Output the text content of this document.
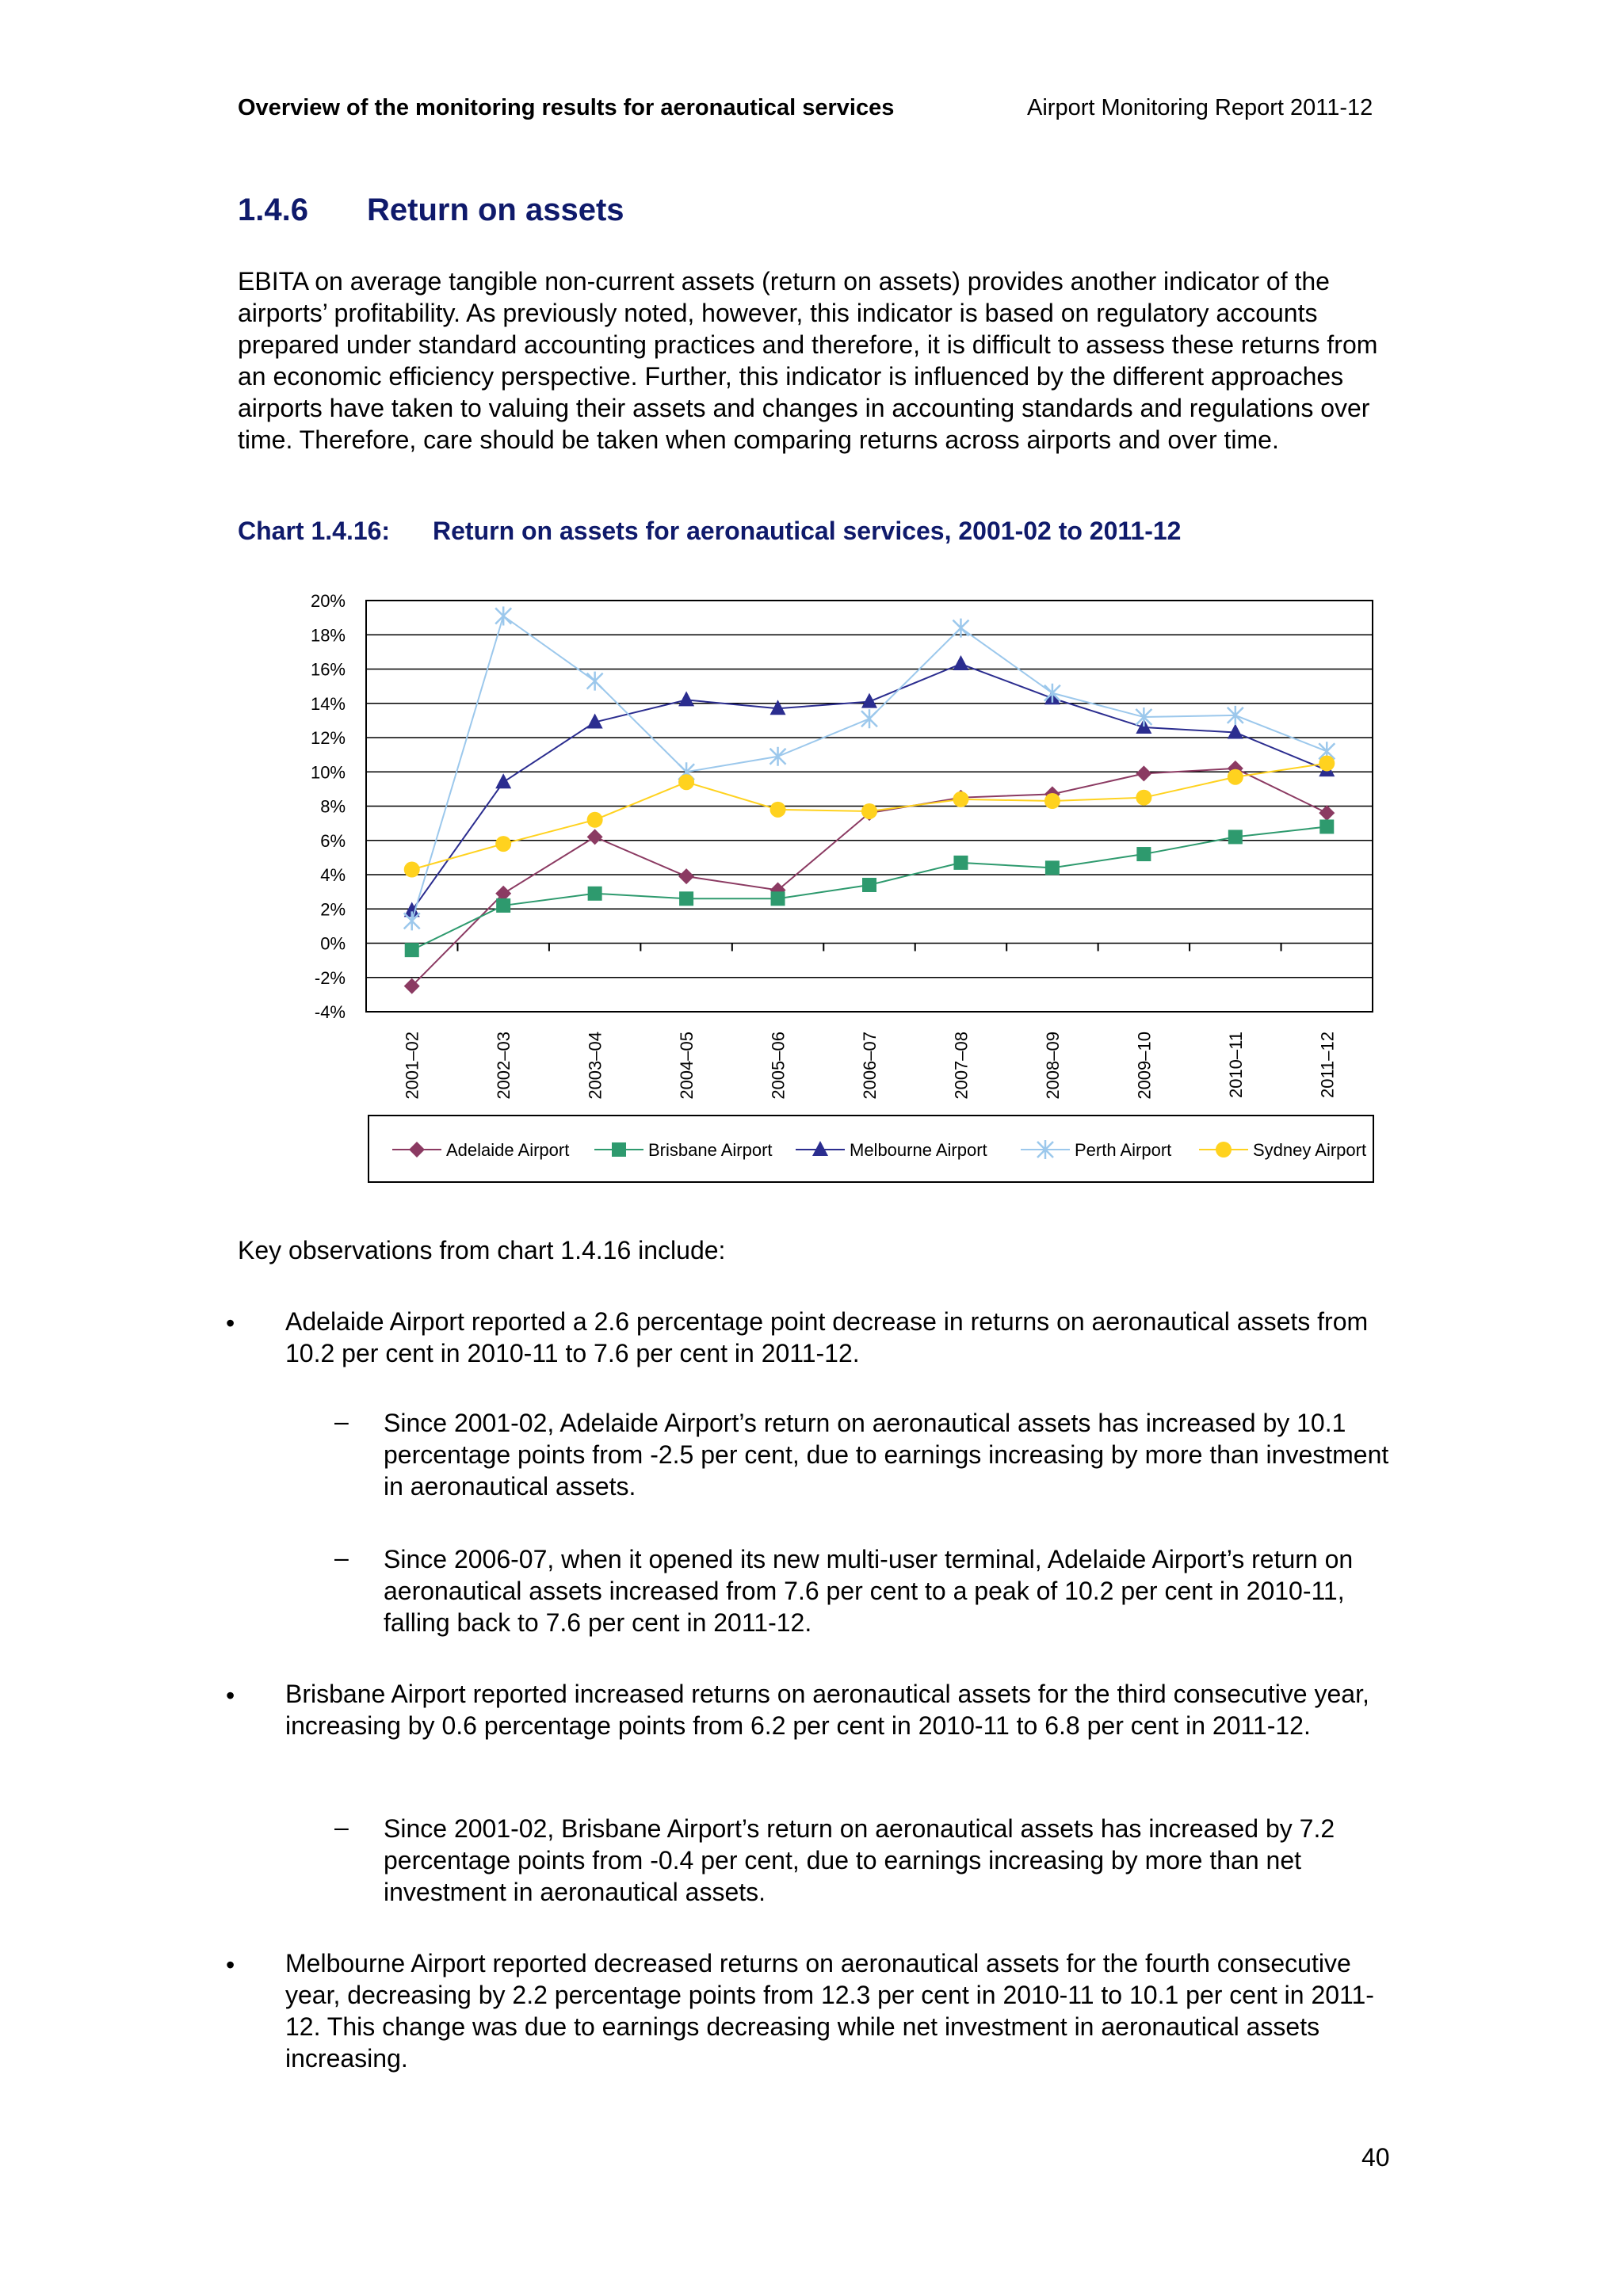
Overview of the monitoring results for aeronautical services	Airport Monitoring Report 2011-12
1.4.6 Return on assets

EBITA on average tangible non-current assets (return on assets) provides another indicator of the airports’ profitability. As previously noted, however, this indicator is based on regulatory accounts prepared under standard accounting practices and therefore, it is difficult to assess these returns from an economic efficiency perspective. Further, this indicator is influenced by the different approaches airports have taken to valuing their assets and changes in accounting standards and regulations over time. Therefore, care should be taken when comparing returns across airports and over time.

Chart 1.4.16: Return on assets for aeronautical services, 2001-02 to 2011-12
20%
18%
16%
14%
12%
10%
8%
6%
4%
2%
0%
-2%
-4%
2001–02	2002–03	2003–04	2004–05	2005–06	2006–07	2007–08	2008–09	2009–10	2010–11	2011–12
Adelaide Airport	Brisbane Airport	Melbourne Airport	Perth Airport	Sydney Airport

Key observations from chart 1.4.16 include:

• Adelaide Airport reported a 2.6 percentage point decrease in returns on aeronautical assets from 10.2 per cent in 2010-11 to 7.6 per cent in 2011-12.

– Since 2001-02, Adelaide Airport’s return on aeronautical assets has increased by 10.1 percentage points from -2.5 per cent, due to earnings increasing by more than investment in aeronautical assets.

– Since 2006-07, when it opened its new multi-user terminal, Adelaide Airport’s return on aeronautical assets increased from 7.6 per cent to a peak of 10.2 per cent in 2010-11, falling back to 7.6 per cent in 2011-12.

• Brisbane Airport reported increased returns on aeronautical assets for the third consecutive year, increasing by 0.6 percentage points from 6.2 per cent in 2010-11 to 6.8 per cent in 2011-12.

– Since 2001-02, Brisbane Airport’s return on aeronautical assets has increased by 7.2 percentage points from -0.4 per cent, due to earnings increasing by more than net investment in aeronautical assets.

• Melbourne Airport reported decreased returns on aeronautical assets for the fourth consecutive year, decreasing by 2.2 percentage points from 12.3 per cent in 2010-11 to 10.1 per cent in 2011-12. This change was due to earnings decreasing while net investment in aeronautical assets increasing.

40
